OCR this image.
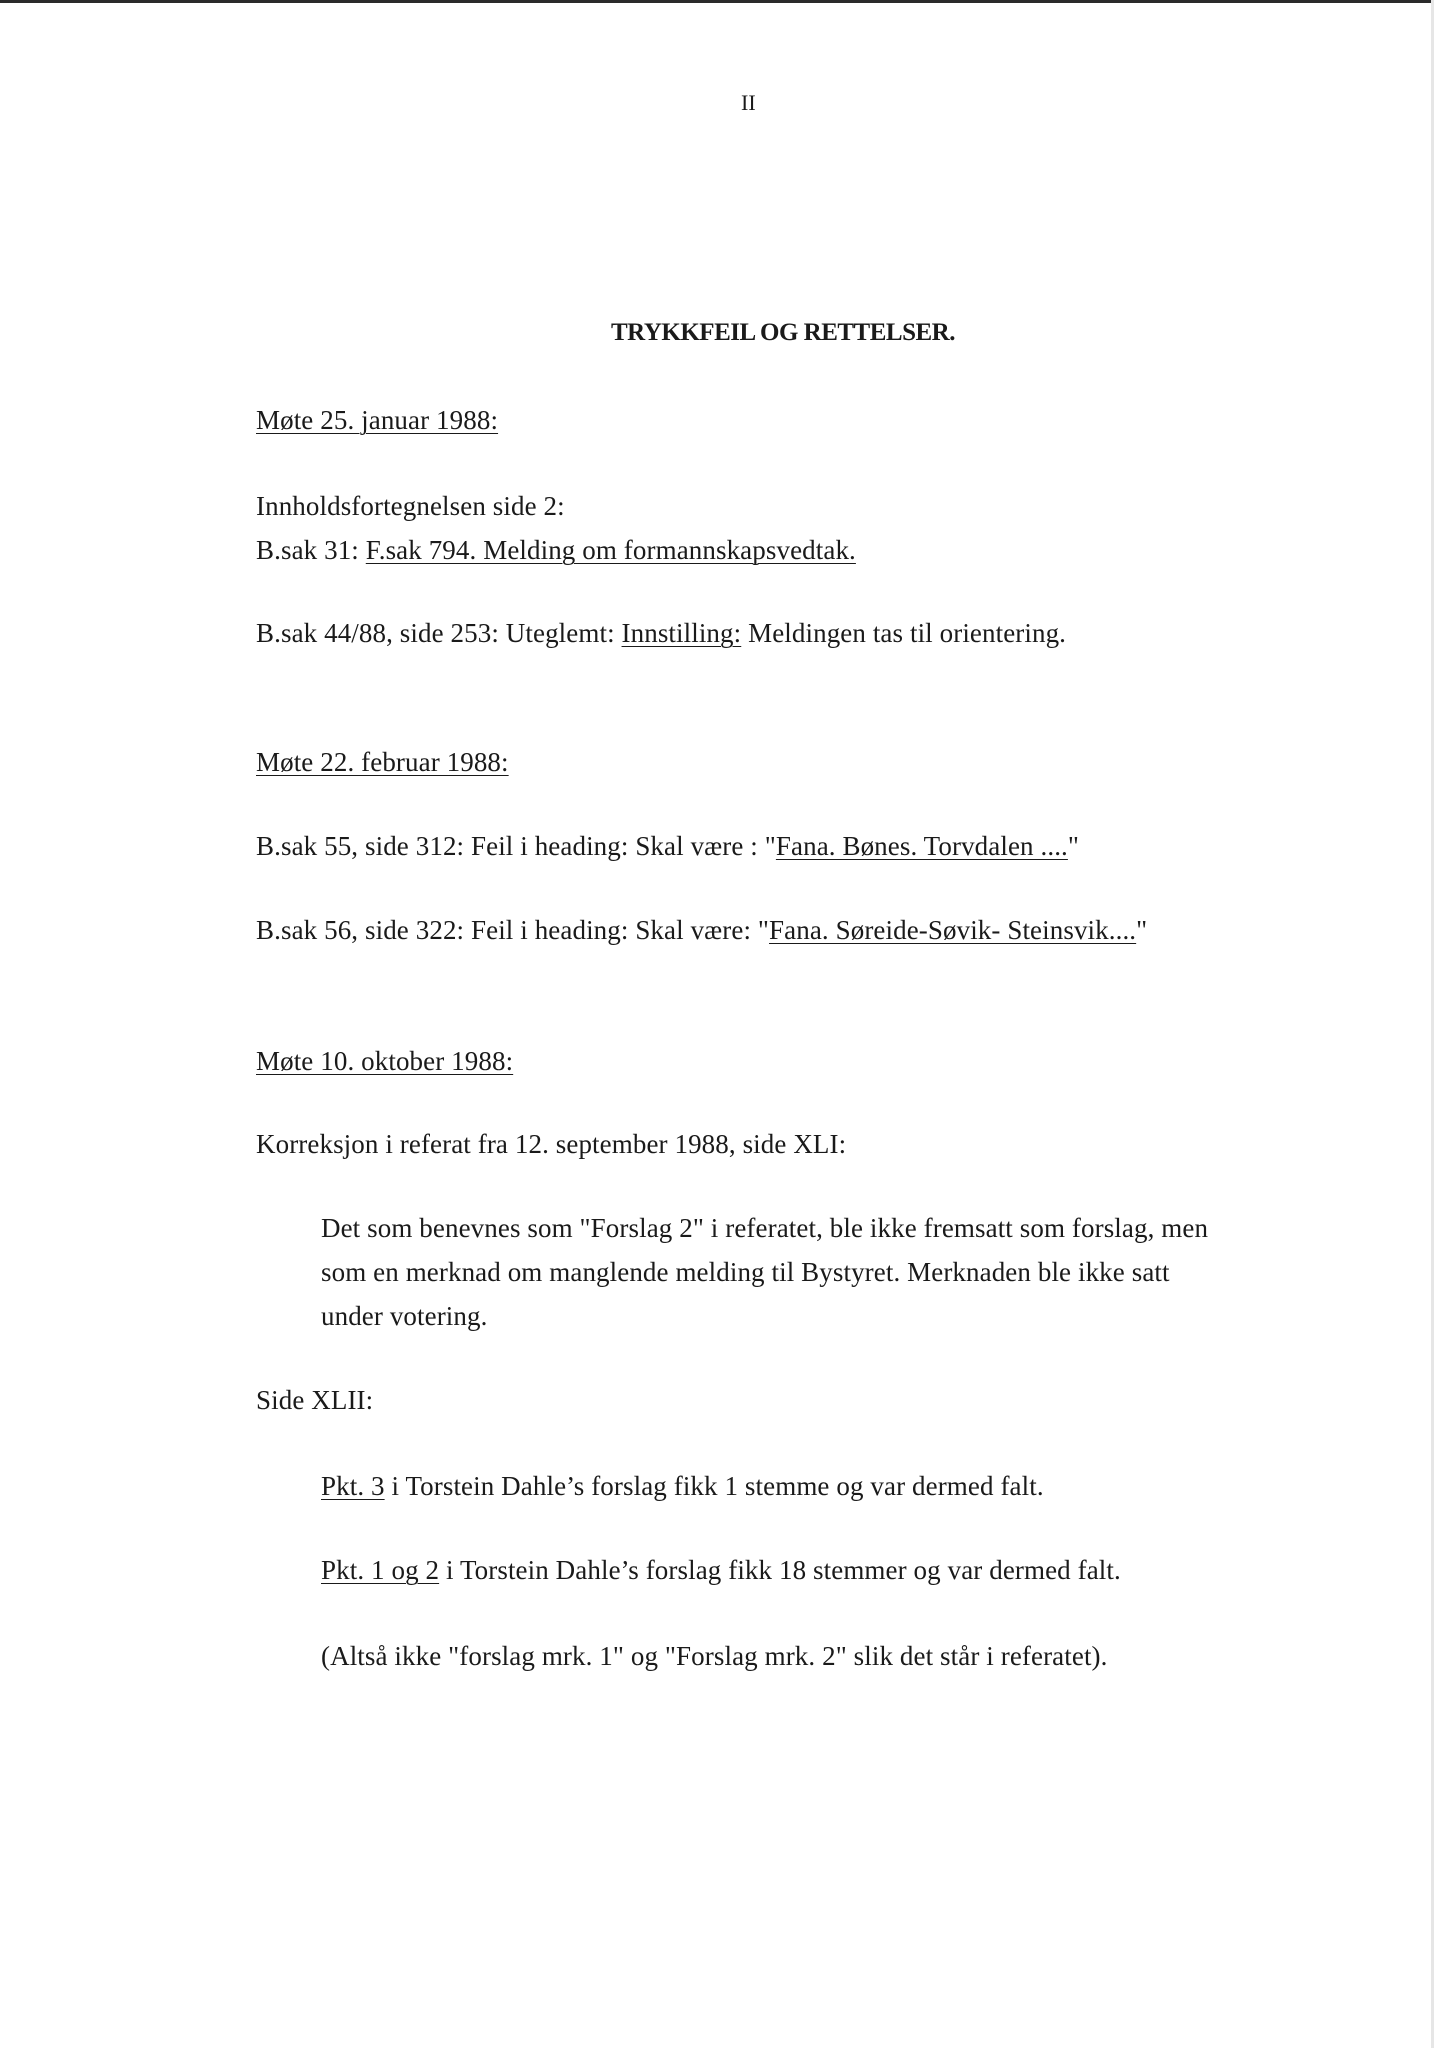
II

TRYKKFEIL OG RETTELSER.

Møte 25. januar 1988:

Innholdsfortegnelsen side 2:

B.sak 31: F.sak 794. Melding om formannskapsvedtak.

B.sak 44/88, side 253: Uteglemt: Innstilling: Meldingen tas til orientering.

Møte 22. februar 1988:

B.sak 55, side 312: Feil i heading: Skal være : "Fana. Bønes. Torvdalen ...."

B.sak 56, side 322: Feil i heading: Skal være: "Fana. Søreide-Søvik- Steinsvik...."

Møte 10. oktober 1988:

Korreksjon i referat fra 12. september 1988, side XLI:

Det som benevnes som "Forslag 2" i referatet, ble ikke fremsatt som forslag, men

som en merknad om manglende melding til Bystyret. Merknaden ble ikke satt

under votering.

Side XLII:

Pkt. 3 i Torstein Dahle’s forslag fikk 1 stemme og var dermed falt.

Pkt. 1 og 2 i Torstein Dahle’s forslag fikk 18 stemmer og var dermed falt.

(Altså ikke "forslag mrk. 1" og "Forslag mrk. 2" slik det står i referatet).
